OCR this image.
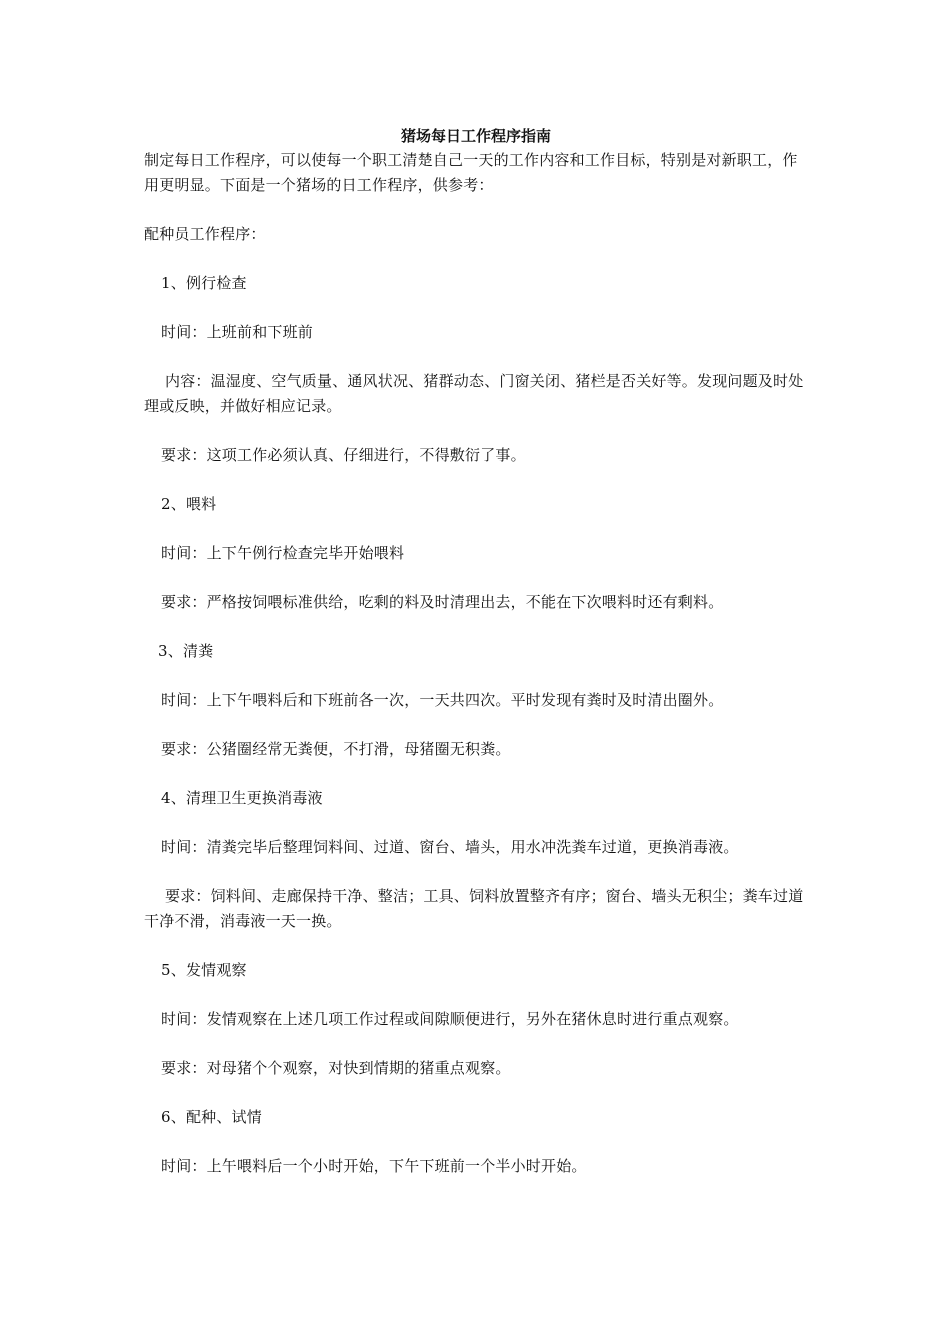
猪场每日工作程序指南

制定每日工作程序，可以使每一个职工清楚自己一天的工作内容和工作目标，特别是对新职工，作用更明显。下面是一个猪场的日工作程序，供参考：

配种员工作程序：

1、例行检查

时间：上班前和下班前

内容：温湿度、空气质量、通风状况、猪群动态、门窗关闭、猪栏是否关好等。发现问题及时处理或反映，并做好相应记录。

要求：这项工作必须认真、仔细进行，不得敷衍了事。

2、喂料

时间：上下午例行检查完毕开始喂料

要求：严格按饲喂标准供给，吃剩的料及时清理出去，不能在下次喂料时还有剩料。

3、清粪

时间：上下午喂料后和下班前各一次，一天共四次。平时发现有粪时及时清出圈外。

要求：公猪圈经常无粪便，不打滑，母猪圈无积粪。

4、清理卫生更换消毒液

时间：清粪完毕后整理饲料间、过道、窗台、墙头，用水冲洗粪车过道，更换消毒液。

要求：饲料间、走廊保持干净、整洁；工具、饲料放置整齐有序；窗台、墙头无积尘；粪车过道干净不滑，消毒液一天一换。

5、发情观察

时间：发情观察在上述几项工作过程或间隙顺便进行，另外在猪休息时进行重点观察。

要求：对母猪个个观察，对快到情期的猪重点观察。

6、配种、试情

时间：上午喂料后一个小时开始，下午下班前一个半小时开始。
